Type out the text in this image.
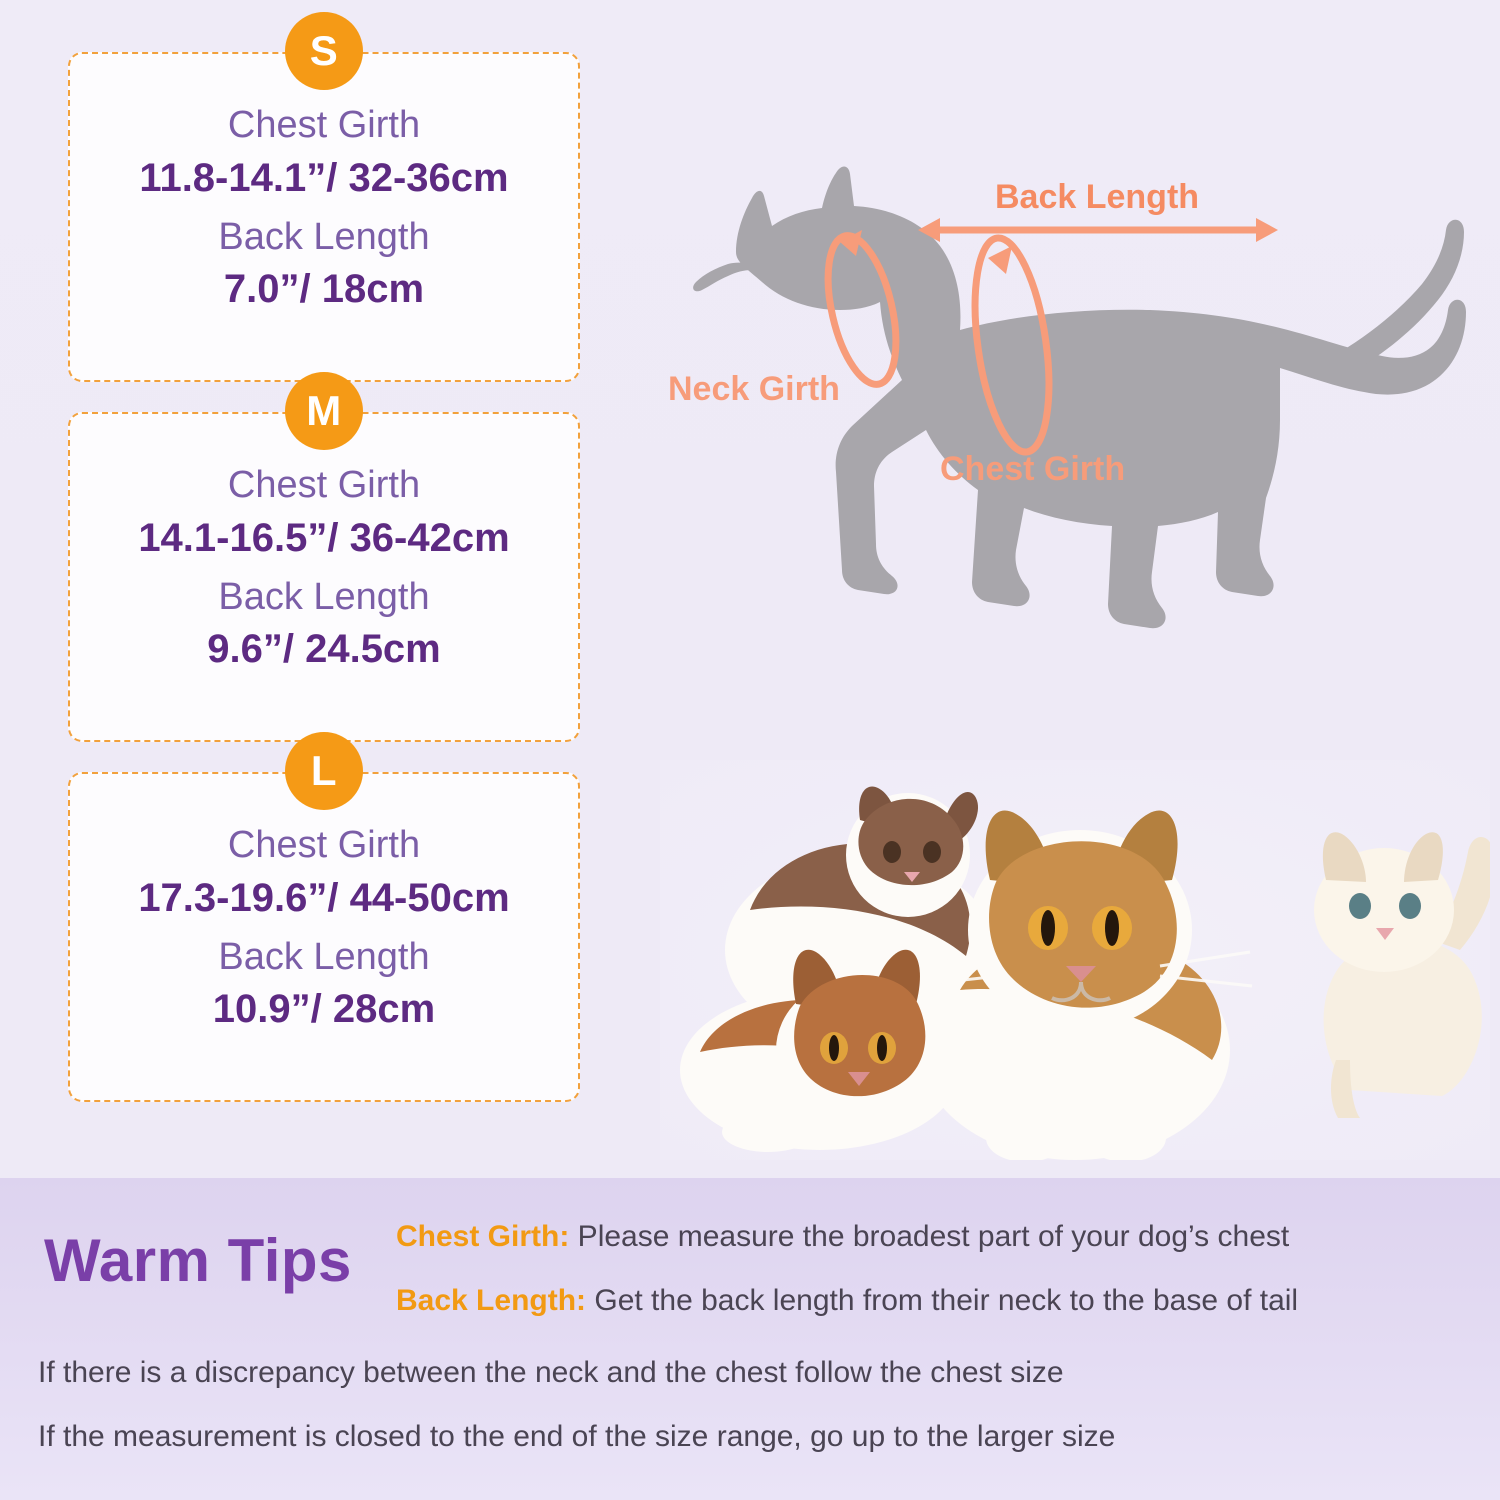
S
Chest Girth
11.8-14.1”/ 32-36cm
Back Length
7.0”/ 18cm
M
Chest Girth
14.1-16.5”/ 36-42cm
Back Length
9.6”/ 24.5cm
L
Chest Girth
17.3-19.6”/ 44-50cm
Back Length
10.9”/ 28cm
Back Length
Neck Girth
Chest Girth
Warm Tips Chest Girth: Please measure the broadest part of your dog’s chest
Back Length: Get the back length from their neck to the base of tail
If there is a discrepancy between the neck and the chest follow the chest size
If the measurement is closed to the end of the size range, go up to the larger size
